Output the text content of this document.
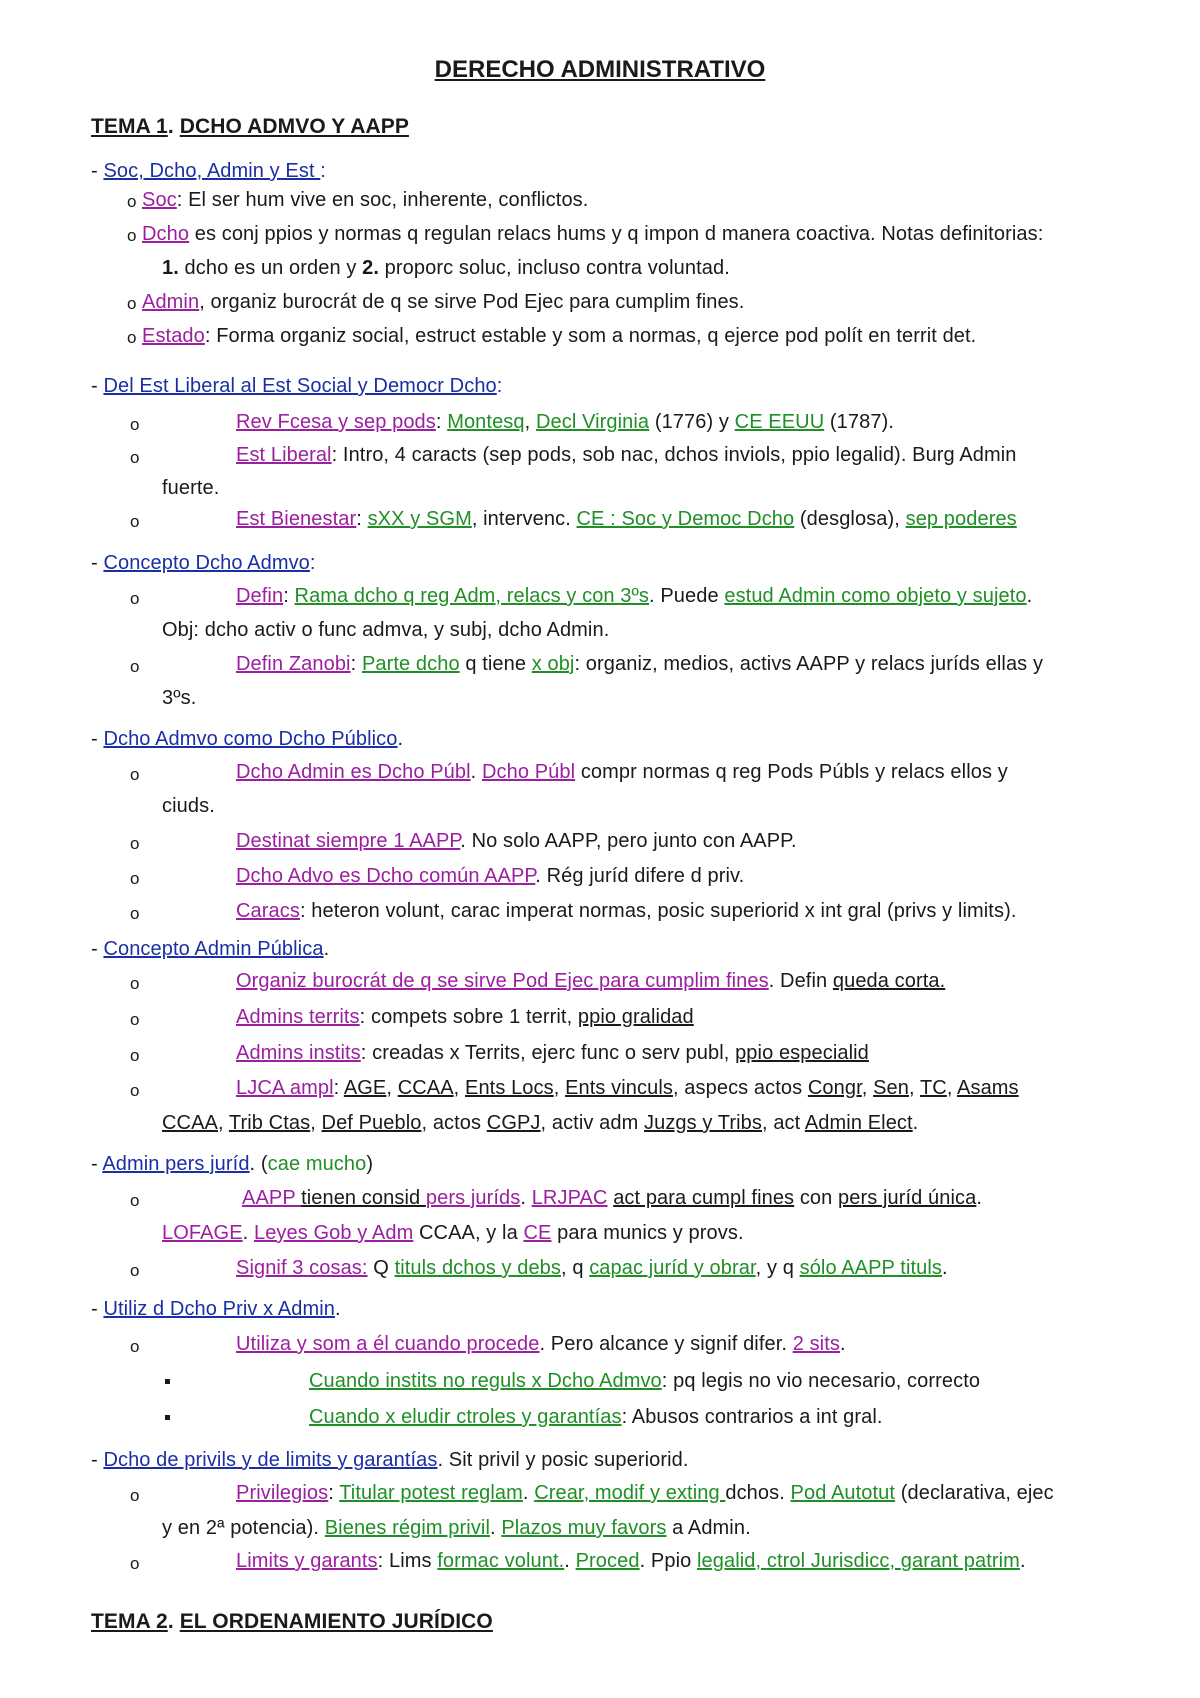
DERECHO ADMINISTRATIVO
TEMA 1. DCHO ADMVO Y AAPP
- Soc, Dcho, Admin y Est :
o Soc: El ser hum vive en soc, inherente, conflictos.
o Dcho es conj ppios y normas q regulan relacs hums y q impon d manera coactiva. Notas definitorias:
1. dcho es un orden y 2. proporc soluc, incluso contra voluntad.
o Admin, organiz burocrát de q se sirve Pod Ejec para cumplim fines.
o Estado: Forma organiz social, estruct estable y som a normas, q ejerce pod polít en territ det.
- Del Est Liberal al Est Social y Democr Dcho:
o	Rev Fcesa y sep pods: Montesq, Decl Virginia (1776) y CE EEUU (1787).
o	Est Liberal: Intro, 4 caracts (sep pods, sob nac, dchos inviols, ppio legalid). Burg Admin
fuerte.
o	Est Bienestar: sXX y SGM, intervenc. CE : Soc y Democ Dcho (desglosa), sep poderes
- Concepto Dcho Admvo:
o	Defin: Rama dcho q reg Adm, relacs y con 3ºs. Puede estud Admin como objeto y sujeto.
Obj: dcho activ o func admva, y subj, dcho Admin.
o	Defin Zanobi: Parte dcho q tiene x obj: organiz, medios, activs AAPP y relacs juríds ellas y
3ºs.
- Dcho Admvo como Dcho Público.
o	Dcho Admin es Dcho Públ. Dcho Públ compr normas q reg Pods Públs y relacs ellos y
ciuds.
o	Destinat siempre 1 AAPP. No solo AAPP, pero junto con AAPP.
o	Dcho Advo es Dcho común AAPP. Rég juríd difere d priv.
o	Caracs: heteron volunt, carac imperat normas, posic superiorid x int gral (privs y limits).
- Concepto Admin Pública.
o	Organiz burocrát de q se sirve Pod Ejec para cumplim fines. Defin queda corta.
o	Admins territs: compets sobre 1 territ, ppio gralidad
o	Admins instits: creadas x Territs, ejerc func o serv publ, ppio especialid
o	LJCA ampl: AGE, CCAA, Ents Locs, Ents vinculs, aspecs actos Congr, Sen, TC, Asams
CCAA, Trib Ctas, Def Pueblo, actos CGPJ, activ adm Juzgs y Tribs, act Admin Elect.
- Admin pers juríd. (cae mucho)
o	AAPP tienen consid pers juríds. LRJPAC act para cumpl fines con pers juríd única.
LOFAGE. Leyes Gob y Adm CCAA, y la CE para munics y provs.
o	Signif 3 cosas: Q tituls dchos y debs, q capac juríd y obrar, y q sólo AAPP tituls.
- Utiliz d Dcho Priv x Admin.
o	Utiliza y som a él cuando procede. Pero alcance y signif difer. 2 sits.
Cuando instits no reguls x Dcho Admvo: pq legis no vio necesario, correcto
Cuando x eludir ctroles y garantías: Abusos contrarios a int gral.
- Dcho de privils y de limits y garantías. Sit privil y posic superiorid.
o	Privilegios: Titular potest reglam. Crear, modif y exting dchos. Pod Autotut (declarativa, ejec
y en 2ª potencia). Bienes régim privil. Plazos muy favors a Admin.
o	Limits y garants: Lims formac volunt.. Proced. Ppio legalid, ctrol Jurisdicc, garant patrim.
TEMA 2. EL ORDENAMIENTO JURÍDICO
